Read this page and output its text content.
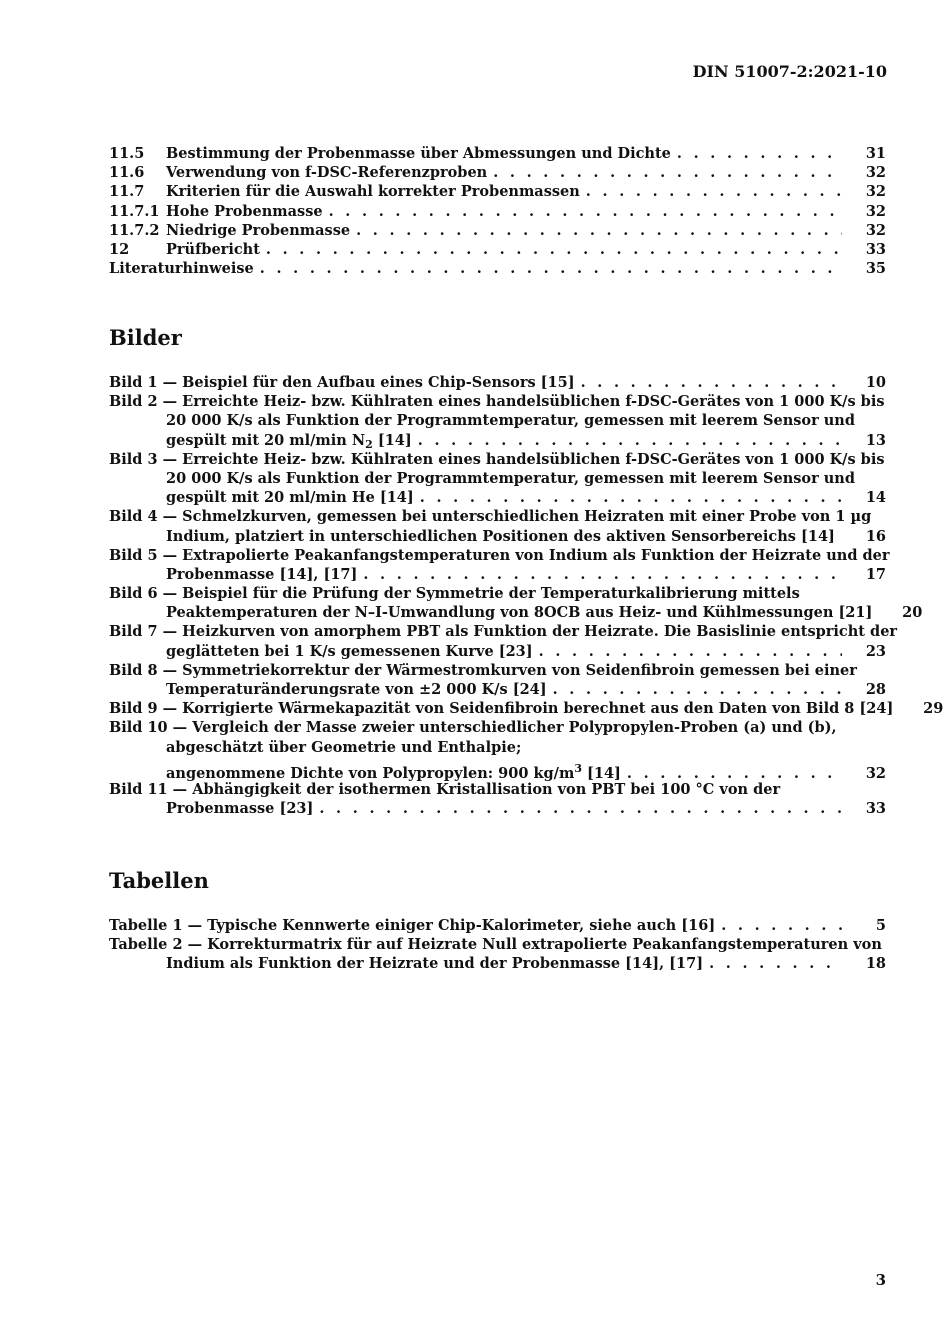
DIN 51007-2:2021-10
11.5	Bestimmung der Probenmasse über Abmessungen und Dichte . . .	31
11.6	Verwendung von f-DSC-Referenzproben . . .	32
11.7	Kriterien für die Auswahl korrekter Probenmassen . . .	32
11.7.1 Hohe Probenmasse . . .	32
11.7.2 Niedrige Probenmasse . . .	32
12	Prüfbericht . . .	33
Literaturhinweise . . .	35
Bilder
Bild 1 — Beispiel für den Aufbau eines Chip-Sensors [15] . . .	10
Bild 2 — Erreichte Heiz- bzw. Kühlraten eines handelsüblichen f-DSC-Gerätes von 1 000 K/s bis
20 000 K/s als Funktion der Programmtemperatur, gemessen mit leerem Sensor und
gespült mit 20 ml/min $N_2$ [14] . . .	13
Bild 3 — Erreichte Heiz- bzw. Kühlraten eines handelsüblichen f-DSC-Gerätes von 1 000 K/s bis
20 000 K/s als Funktion der Programmtemperatur, gemessen mit leerem Sensor und
gespült mit 20 ml/min He [14] . . .	14
Bild 4 — Schmelzkurven, gemessen bei unterschiedlichen Heizraten mit einer Probe von 1 µg
Indium, platziert in unterschiedlichen Positionen des aktiven Sensorbereichs [14] . . .	16
Bild 5 — Extrapolierte Peakanfangstemperaturen von Indium als Funktion der Heizrate und der
Probenmasse [14], [17] . . .	17
Bild 6 — Beispiel für die Prüfung der Symmetrie der Temperaturkalibrierung mittels
Peaktemperaturen der N–I-Umwandlung von 8OCB aus Heiz- und Kühlmessungen [21]	20
Bild 7 — Heizkurven von amorphem PBT als Funktion der Heizrate. Die Basislinie entspricht der
geglätteten bei 1 K/s gemessenen Kurve [23] . . .	23
Bild 8 — Symmetriekorrektur der Wärmestromkurven von Seidenfibroin gemessen bei einer
Temperaturänderungsrate von ±2 000 K/s [24] . . .	28
Bild 9 — Korrigierte Wärmekapazität von Seidenfibroin berechnet aus den Daten von Bild 8 [24]	29
Bild 10 — Vergleich der Masse zweier unterschiedlicher Polypropylen-Proben (a) und (b),
abgeschätzt über Geometrie und Enthalpie;
angenommene Dichte von Polypropylen: 900 $kg/m^3$ [14] . . .	32
Bild 11 — Abhängigkeit der isothermen Kristallisation von PBT bei 100 °C von der
Probenmasse [23] . . .	33
Tabellen
Tabelle 1 — Typische Kennwerte einiger Chip-Kalorimeter, siehe auch [16] . . .	5
Tabelle 2 — Korrekturmatrix für auf Heizrate Null extrapolierte Peakanfangstemperaturen von
Indium als Funktion der Heizrate und der Probenmasse [14], [17] . . .	18
3
